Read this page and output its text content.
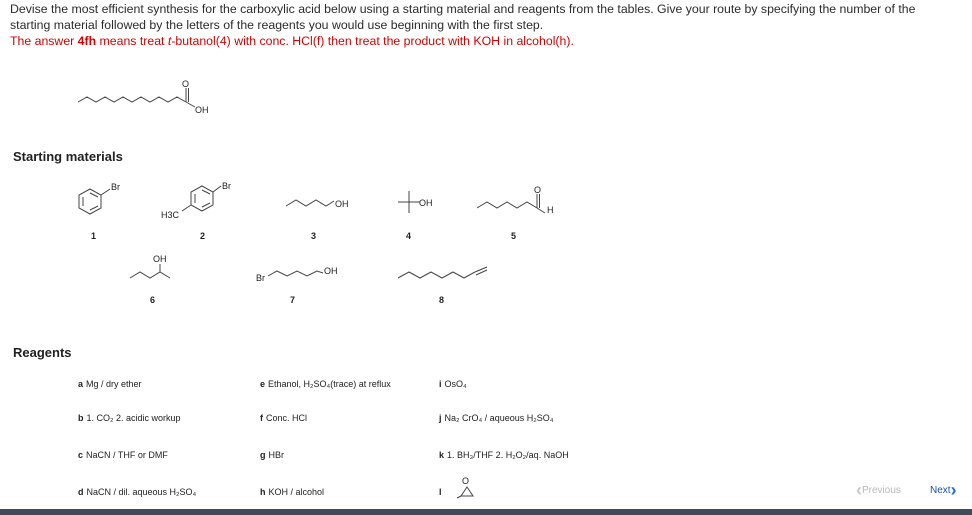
Devise the most efficient synthesis for the carboxylic acid below using a starting material and reagents from the tables. Give your route by specifying the number of the
starting material followed by the letters of the reagents you would use beginning with the first step.
The answer 4fh means treat t-butanol(4) with conc. HCl(f) then treat the product with KOH in alcohol(h).
O
OH
Starting materials
Br
1
Br
H3C
2
OH
3
OH
4
O
H
5
OH
6
Br
OH
7	8
Reagents
a Mg / dry ether
b 1. CO₂ 2. acidic workup
c NaCN / THF or DMF
d NaCN / dil. aqueous H₂SO₄
e Ethanol, H₂SO₄(trace) at reflux
f Conc. HCl
g HBr
h KOH / alcohol
i OsO₄
j Na₂ CrO₄ / aqueous H₂SO₄
k 1. BH₃/THF 2. H₂O₂/aq. NaOH
l
O	‹Previous	Next›
